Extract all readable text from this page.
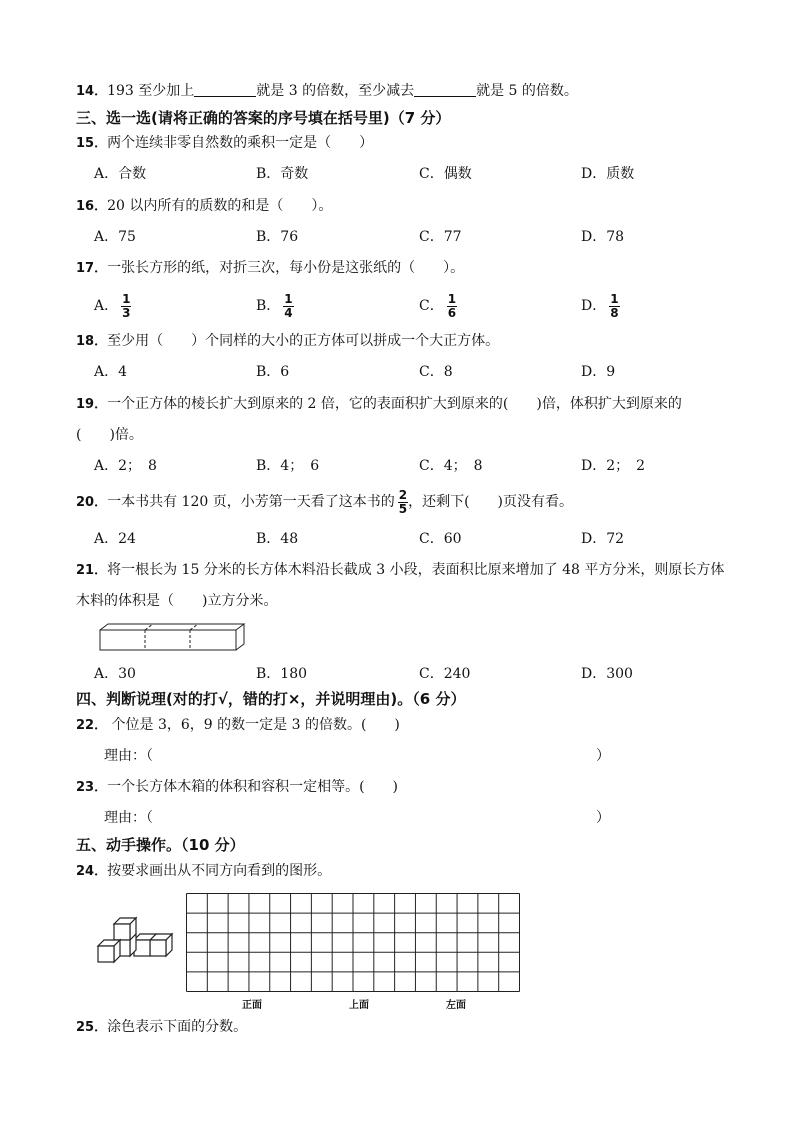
14．193 至少加上	就是 3 的倍数，至少减去	就是 5 的倍数。
三、选一选(请将正确的答案的序号填在括号里)（7 分）
15．两个连续非零自然数的乘积一定是（　　）
A．合数	B．奇数	C．偶数	D．质数
16．20 以内所有的质数的和是（　　）。
A．75	B．76	C．77	D．78
17．一张长方形的纸，对折三次，每小份是这张纸的（　　）。
A． $\frac{1}{3}$	B． $\frac{1}{4}$	C． $\frac{1}{6}$	D． $\frac{1}{8}$
18．至少用（　　）个同样的大小的正方体可以拼成一个大正方体。
A．4	B．6	C．8	D．9
19．一个正方体的棱长扩大到原来的 2 倍，它的表面积扩大到原来的(　　)倍，体积扩大到原来的
(　　)倍。
A．2；　8	B．4；　6	C．4；　8	D．2；　2
20．一本书共有 120 页，小芳第一天看了这本书的 $\frac{2}{5}$ ，还剩下(　　)页没有看。
A．24	B．48	C．60	D．72
21．将一根长为 15 分米的长方体木料沿长截成 3 小段，表面积比原来增加了 48 平方分米，则原长方体
木料的体积是（　　)立方分米。
A．30	B．180	C．240	D．300
四、判断说理(对的打√，错的打×，并说明理由)。（6 分）
22． 个位是 3，6，9 的数一定是 3 的倍数。(　　)
理由：（	）
23．一个长方体木箱的体积和容积一定相等。(　　)
理由：（	）
五、动手操作。（10 分）
24．按要求画出从不同方向看到的图形。
正面	上面	左面
25．涂色表示下面的分数。
